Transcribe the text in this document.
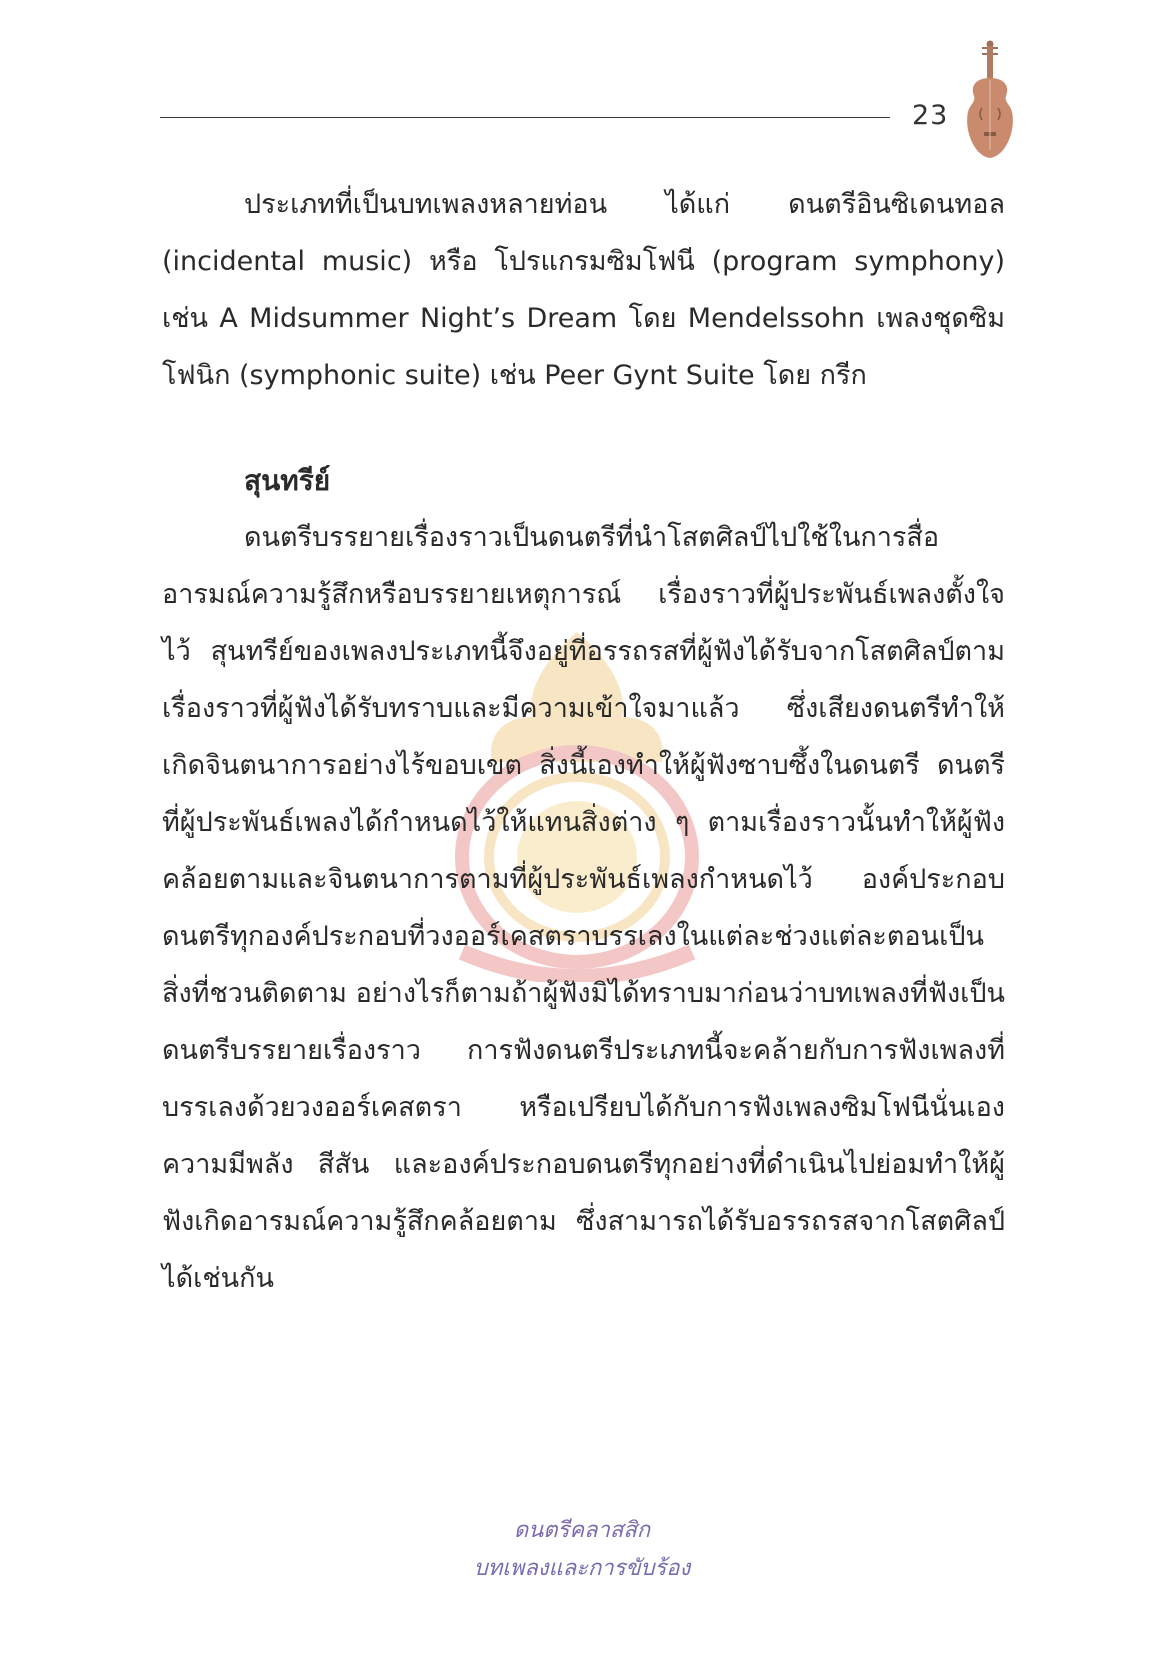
23

ประเภทที่เป็นบทเพลงหลายท่อน ได้แก่ ดนตรีอินซิเดนทอล (incidental music) หรือ โปรแกรมซิมโฟนี (program symphony) เช่น A Midsummer Night’s Dream โดย Mendelssohn เพลงชุดซิมโฟนิก (symphonic suite) เช่น Peer Gynt Suite โดย กรีก

สุนทรีย์

ดนตรีบรรยายเรื่องราวเป็นดนตรีที่นำโสตศิลป์ไปใช้ในการสื่ออารมณ์ความรู้สึกหรือบรรยายเหตุการณ์ เรื่องราวที่ผู้ประพันธ์เพลงตั้งใจไว้ สุนทรีย์ของเพลงประเภทนี้จึงอยู่ที่อรรถรสที่ผู้ฟังได้รับจากโสตศิลป์ตามเรื่องราวที่ผู้ฟังได้รับทราบและมีความเข้าใจมาแล้ว ซึ่งเสียงดนตรีทำให้เกิดจินตนาการอย่างไร้ขอบเขต สิ่งนี้เองทำให้ผู้ฟังซาบซึ้งในดนตรี ดนตรีที่ผู้ประพันธ์เพลงได้กำหนดไว้ให้แทนสิ่งต่าง ๆ ตามเรื่องราวนั้นทำให้ผู้ฟังคล้อยตามและจินตนาการตามที่ผู้ประพันธ์เพลงกำหนดไว้ องค์ประกอบดนตรีทุกองค์ประกอบที่วงออร์เคสตราบรรเลงในแต่ละช่วงแต่ละตอนเป็นสิ่งที่ชวนติดตาม อย่างไรก็ตามถ้าผู้ฟังมิได้ทราบมาก่อนว่าบทเพลงที่ฟังเป็นดนตรีบรรยายเรื่องราว การฟังดนตรีประเภทนี้จะคล้ายกับการฟังเพลงที่บรรเลงด้วยวงออร์เคสตรา หรือเปรียบได้กับการฟังเพลงซิมโฟนีนั่นเอง ความมีพลัง สีสัน และองค์ประกอบดนตรีทุกอย่างที่ดำเนินไปย่อมทำให้ผู้ฟังเกิดอารมณ์ความรู้สึกคล้อยตาม ซึ่งสามารถได้รับอรรถรสจากโสตศิลป์ได้เช่นกัน

ดนตรีคลาสสิก
บทเพลงและการขับร้อง
